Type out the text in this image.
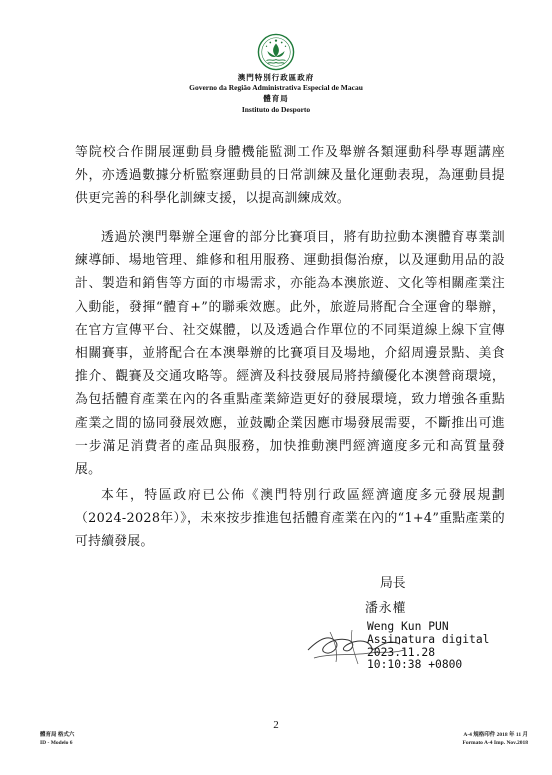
澳門特別行政區政府
Governo da Região Administrativa Especial de Macau
體育局
Instituto do Desporto

等院校合作開展運動員身體機能監測工作及舉辦各類運動科學專題講座外，亦透過數據分析監察運動員的日常訓練及量化運動表現，為運動員提供更完善的科學化訓練支援，以提高訓練成效。

透過於澳門舉辦全運會的部分比賽項目，將有助拉動本澳體育專業訓練導師、場地管理、維修和租用服務、運動損傷治療，以及運動用品的設計、製造和銷售等方面的市場需求，亦能為本澳旅遊、文化等相關產業注入動能，發揮“體育+”的聯乘效應。此外，旅遊局將配合全運會的舉辦，在官方宣傳平台、社交媒體，以及透過合作單位的不同渠道線上線下宣傳相關賽事，並將配合在本澳舉辦的比賽項目及場地，介紹周邊景點、美食推介、觀賽及交通攻略等。經濟及科技發展局將持續優化本澳營商環境，為包括體育產業在內的各重點產業締造更好的發展環境，致力增強各重點產業之間的協同發展效應，並鼓勵企業因應市場發展需要，不斷推出可進一步滿足消費者的產品與服務，加快推動澳門經濟適度多元和高質量發展。

本年，特區政府已公佈《澳門特別行政區經濟適度多元發展規劃（2024-2028年）》，未來按步推進包括體育產業在內的“1+4”重點產業的可持續發展。

局長
潘永權
Weng Kun PUN
Assinatura digital
2023.11.28
10:10:38 +0800
2
體育局 格式六
ID - Modelo 6
A-4 規格印件 2018 年 11 月
Formato A-4 Imp. Nov.2018
